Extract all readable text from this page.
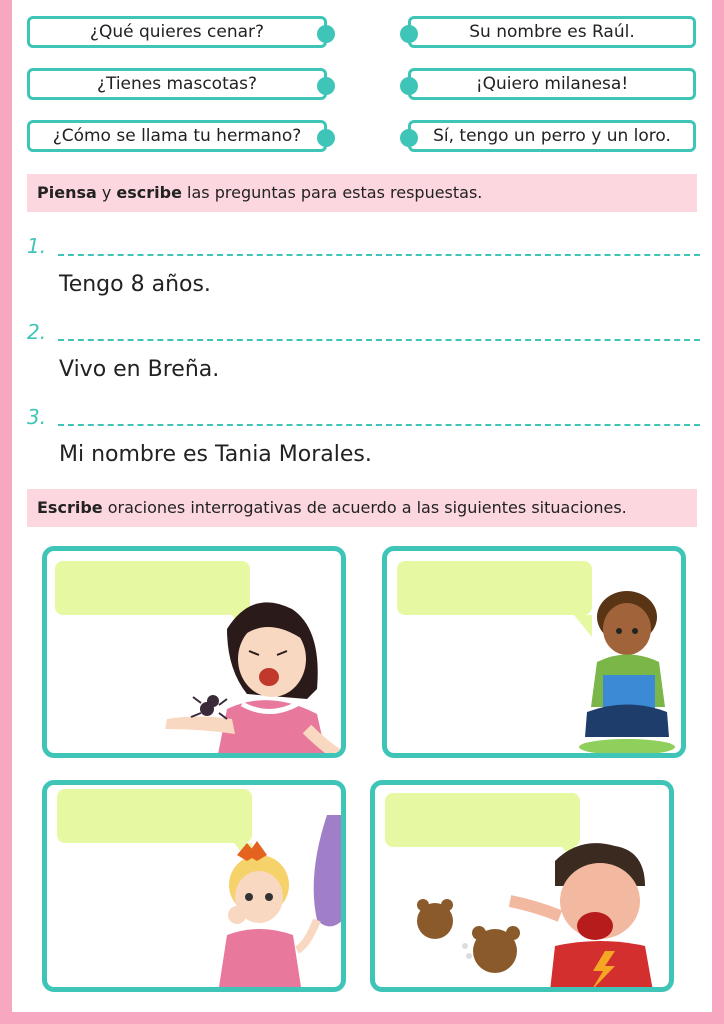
¿Qué quieres cenar?
¿Tienes mascotas?
¿Cómo se llama tu hermano?
Su nombre es Raúl.
¡Quiero milanesa!
Sí, tengo un perro y un loro.
Piensa y escribe las preguntas para estas respuestas.
1.
Tengo 8 años.
2.
Vivo en Breña.
3.
Mi nombre es Tania Morales.
Escribe oraciones interrogativas de acuerdo a las siguientes situaciones.
